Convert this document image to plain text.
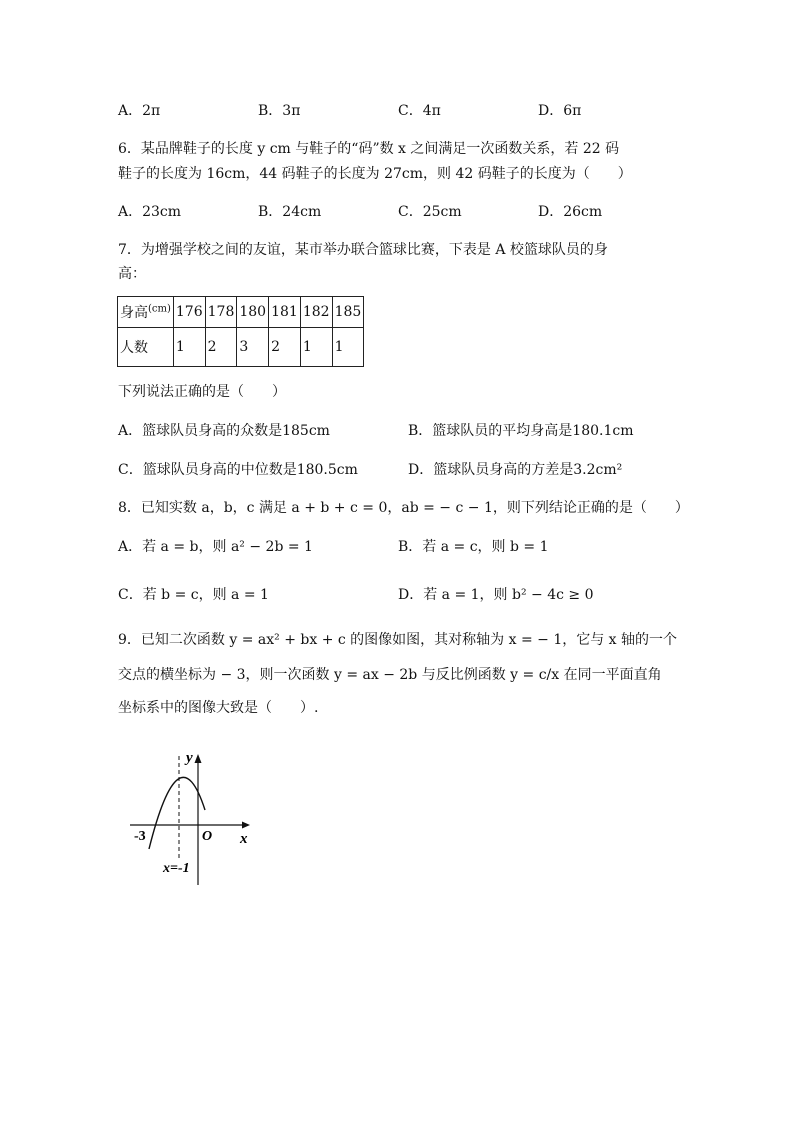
A．2π	B．3π	C．4π	D．6π
6．某品牌鞋子的长度 y cm 与鞋子的“码”数 x 之间满足一次函数关系，若 22 码
鞋子的长度为 16cm，44 码鞋子的长度为 27cm，则 42 码鞋子的长度为（　　）
A．23cm	B．24cm	C．25cm	D．26cm
7．为增强学校之间的友谊，某市举办联合篮球比赛，下表是 A 校篮球队员的身
高：
身高$^{(cm)}$	176	178	180	181	182	185
人数	1	2	3	2	1	1
下列说法正确的是（　　）
A．篮球队员身高的众数是185cm	B．篮球队员的平均身高是180.1cm
C．篮球队员身高的中位数是180.5cm	D．篮球队员身高的方差是3.2cm²
8．已知实数 a，b，c 满足 a + b + c = 0，ab = − c − 1，则下列结论正确的是（　　）
A．若 a = b，则 a² − 2b = 1	B．若 a = c，则 b = 1
C．若 b = c，则 a = 1	D．若 a = 1，则 b² − 4c ≥ 0
9．已知二次函数 y = ax² + bx + c 的图像如图，其对称轴为 x = − 1，它与 x 轴的一个
交点的横坐标为 − 3，则一次函数 y = ax − 2b 与反比例函数 y = c/x 在同一平面直角
坐标系中的图像大致是（　　）.
y
x
O
-3
x=-1
